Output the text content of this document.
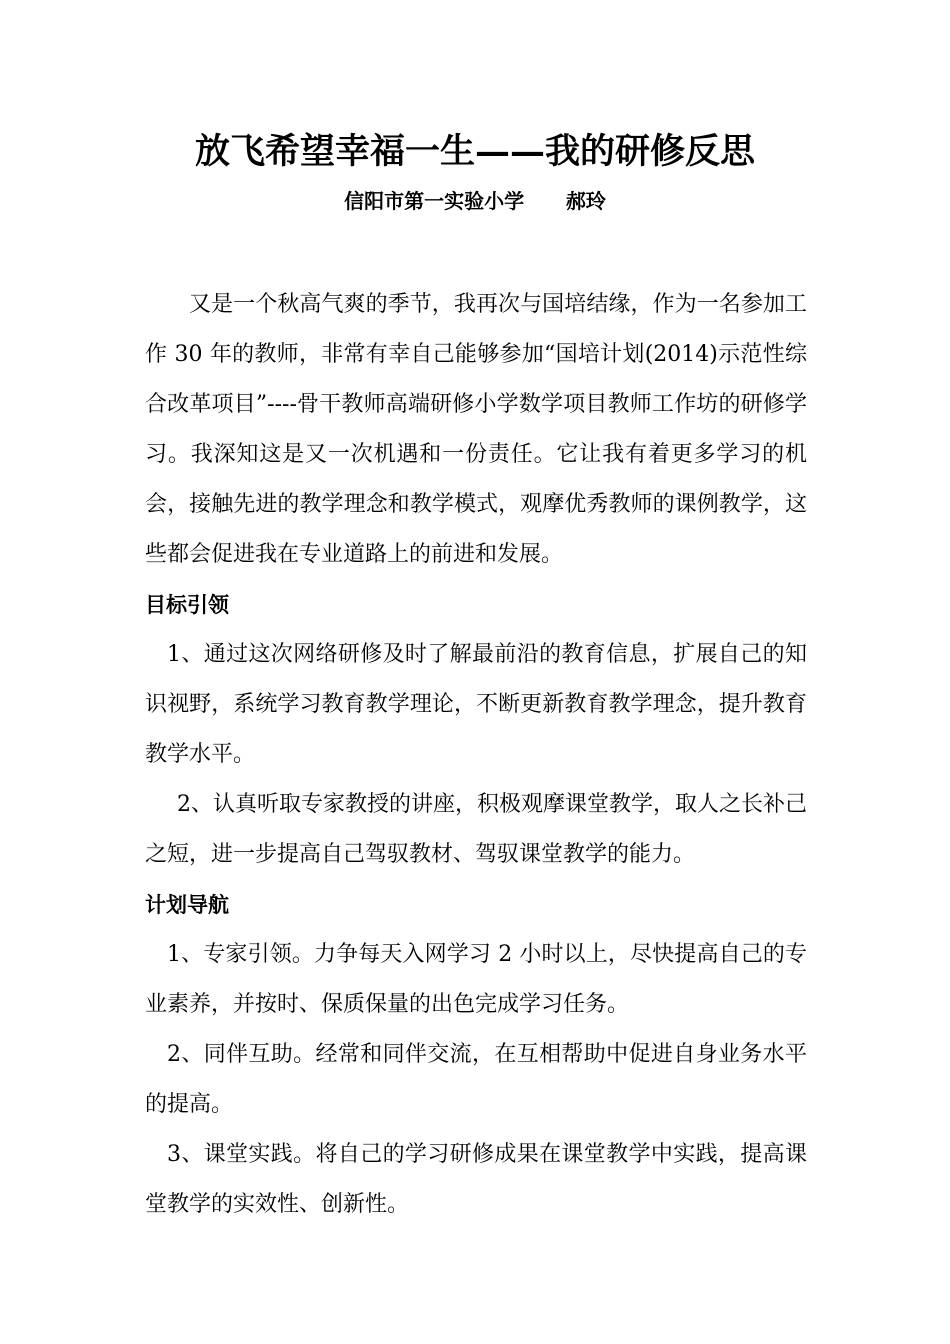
放飞希望幸福一生——我的研修反思
信阳市第一实验小学      郝玲

又是一个秋高气爽的季节，我再次与国培结缘，作为一名参加工作 30 年的教师，非常有幸自己能够参加“国培计划(2014)示范性综合改革项目”----骨干教师高端研修小学数学项目教师工作坊的研修学习。我深知这是又一次机遇和一份责任。它让我有着更多学习的机会，接触先进的教学理念和教学模式，观摩优秀教师的课例教学，这些都会促进我在专业道路上的前进和发展。

目标引领

1、通过这次网络研修及时了解最前沿的教育信息，扩展自己的知识视野，系统学习教育教学理论，不断更新教育教学理念，提升教育教学水平。

2、认真听取专家教授的讲座，积极观摩课堂教学，取人之长补己之短，进一步提高自己驾驭教材、驾驭课堂教学的能力。

计划导航

1、专家引领。力争每天入网学习 2 小时以上，尽快提高自己的专业素养，并按时、保质保量的出色完成学习任务。

2、同伴互助。经常和同伴交流，在互相帮助中促进自身业务水平的提高。

3、课堂实践。将自己的学习研修成果在课堂教学中实践，提高课堂教学的实效性、创新性。
